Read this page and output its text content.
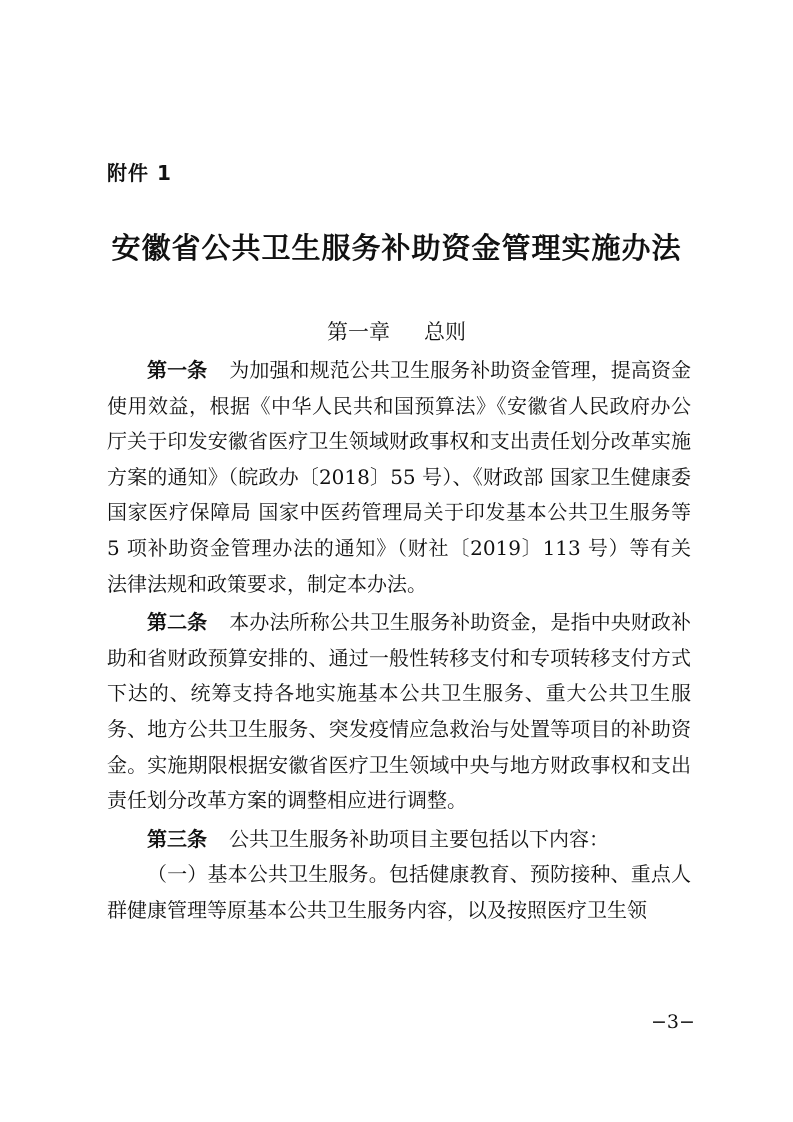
附件 1
安徽省公共卫生服务补助资金管理实施办法
第一章 总则

第一条 为加强和规范公共卫生服务补助资金管理，提高资金使用效益，根据《中华人民共和国预算法》《安徽省人民政府办公厅关于印发安徽省医疗卫生领域财政事权和支出责任划分改革实施方案的通知》（皖政办〔2018〕55 号）、《财政部 国家卫生健康委 国家医疗保障局 国家中医药管理局关于印发基本公共卫生服务等 5 项补助资金管理办法的通知》（财社〔2019〕113 号）等有关法律法规和政策要求，制定本办法。

第二条 本办法所称公共卫生服务补助资金，是指中央财政补助和省财政预算安排的、通过一般性转移支付和专项转移支付方式下达的、统筹支持各地实施基本公共卫生服务、重大公共卫生服务、地方公共卫生服务、突发疫情应急救治与处置等项目的补助资金。实施期限根据安徽省医疗卫生领域中央与地方财政事权和支出责任划分改革方案的调整相应进行调整。

第三条 公共卫生服务补助项目主要包括以下内容：

（一）基本公共卫生服务。包括健康教育、预防接种、重点人群健康管理等原基本公共卫生服务内容，以及按照医疗卫生领

−3−
